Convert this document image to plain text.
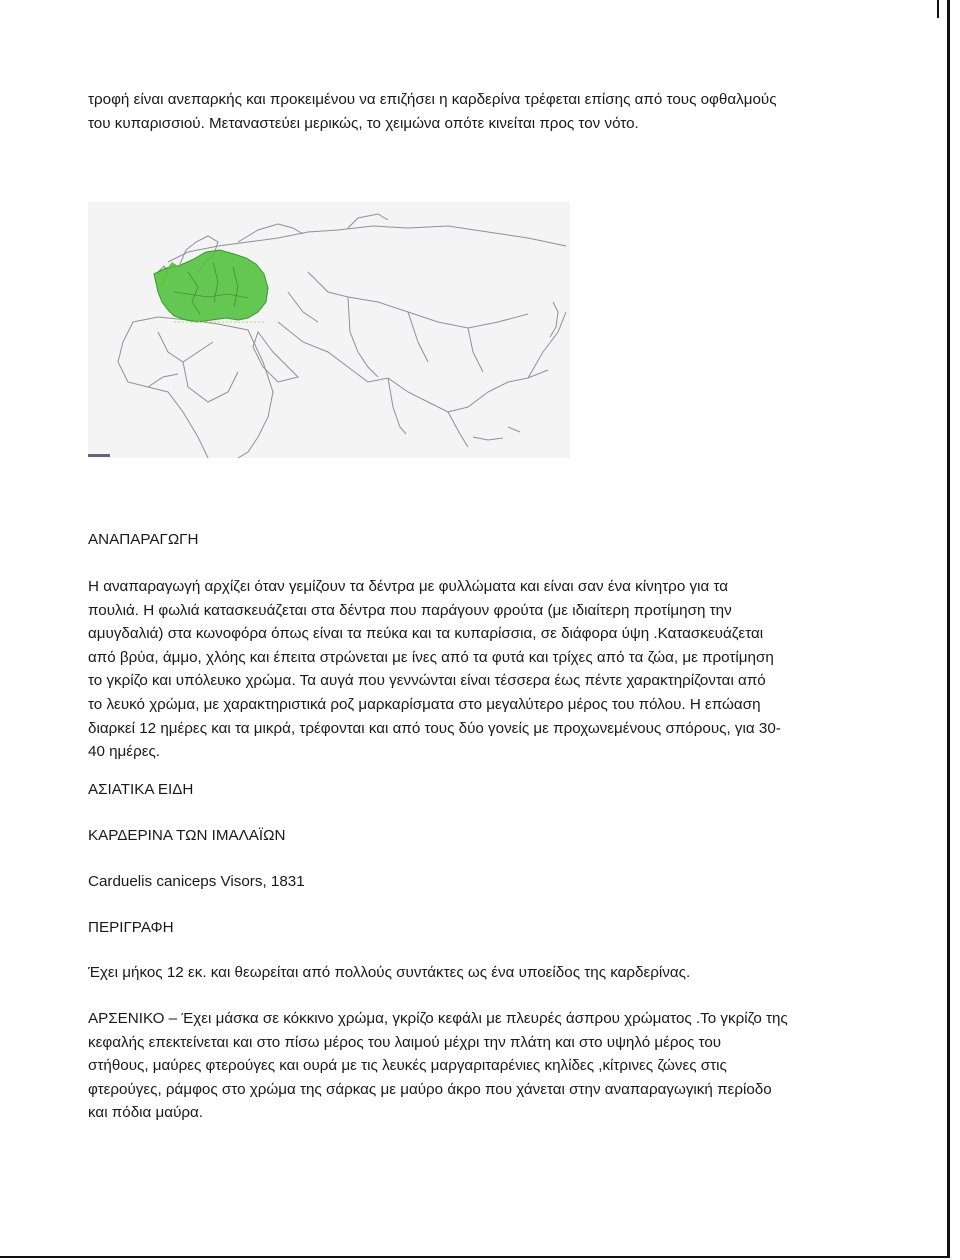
τροφή είναι ανεπαρκής και προκειμένου να επιζήσει η καρδερίνα τρέφεται επίσης από τους οφθαλμούς

του κυπαρισσιού. Μεταναστεύει μερικώς, το χειμώνα οπότε κινείται προς τον νότο.

ΑΝΑΠΑΡΑΓΩΓΗ

Η αναπαραγωγή αρχίζει όταν γεμίζουν τα δέντρα με φυλλώματα και είναι σαν ένα κίνητρο για τα

πουλιά. Η φωλιά κατασκευάζεται στα δέντρα που παράγουν φρούτα (με ιδιαίτερη προτίμηση την

αμυγδαλιά) στα κωνοφόρα όπως είναι τα πεύκα και τα κυπαρίσσια, σε διάφορα ύψη .Κατασκευάζεται

από βρύα, άμμο, χλόης και έπειτα στρώνεται με ίνες από τα φυτά και τρίχες από τα ζώα, με προτίμηση

το γκρίζο και υπόλευκο χρώμα. Τα αυγά που γεννώνται είναι τέσσερα έως πέντε χαρακτηρίζονται από

το λευκό χρώμα, με χαρακτηριστικά ροζ μαρκαρίσματα στο μεγαλύτερο μέρος του πόλου. Η επώαση

διαρκεί 12 ημέρες και τα μικρά, τρέφονται και από τους δύο γονείς με προχωνεμένους σπόρους, για 30-

40 ημέρες.

ΑΣΙΑΤΙΚΑ ΕΙΔΗ
ΚΑΡΔΕΡΙΝΑ ΤΩΝ ΙΜΑΛΑΪΩΝ
Carduelis caniceps Visors, 1831
ΠΕΡΙΓΡΑΦΗ
Έχει μήκος 12 εκ. και θεωρείται από πολλούς συντάκτες ως ένα υποείδος της καρδερίνας.

ΑΡΣΕΝΙΚΟ – Έχει μάσκα σε κόκκινο χρώμα, γκρίζο κεφάλι με πλευρές άσπρου χρώματος .Το γκρίζο της

κεφαλής επεκτείνεται και στο πίσω μέρος του λαιμού μέχρι την πλάτη και στο υψηλό μέρος του

στήθους, μαύρες φτερούγες και ουρά με τις λευκές μαργαριταρένιες κηλίδες ,κίτρινες ζώνες στις

φτερούγες, ράμφος στο χρώμα της σάρκας με μαύρο άκρο που χάνεται στην αναπαραγωγική περίοδο

και πόδια μαύρα.
